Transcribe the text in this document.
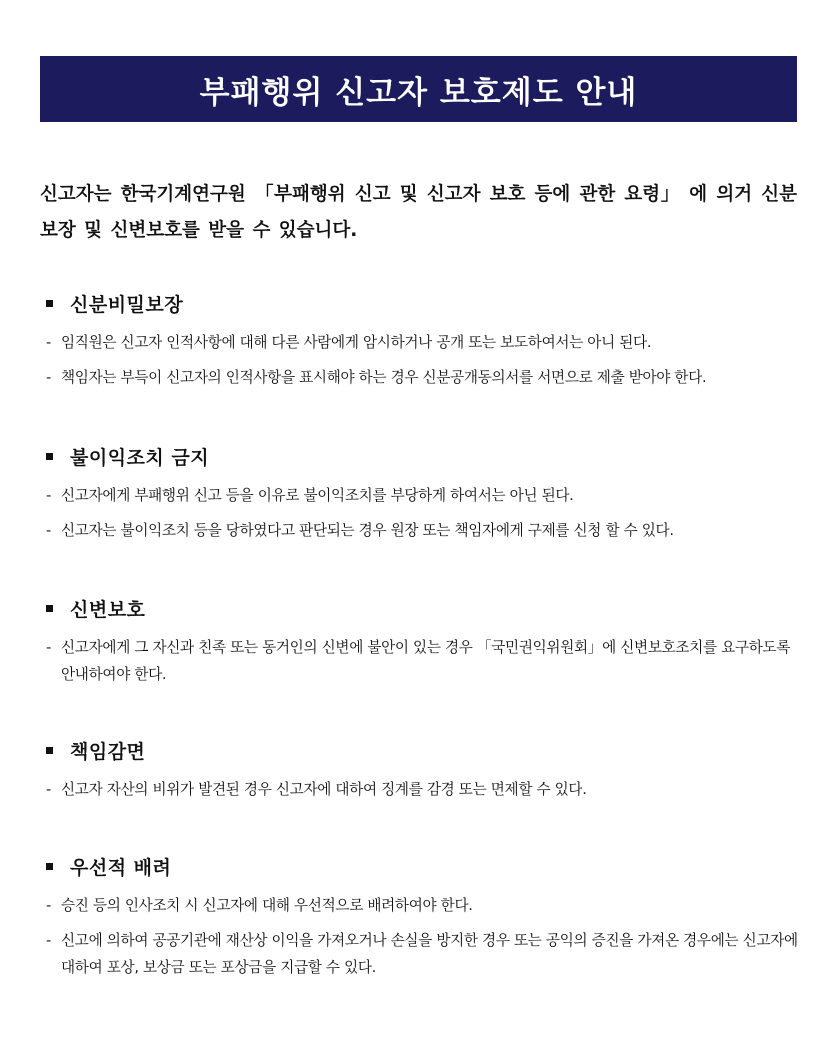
부패행위 신고자 보호제도 안내
신고자는 한국기계연구원 「부패행위 신고 및 신고자 보호 등에 관한 요령」 에 의거 신분보장 및 신변보호를 받을 수 있습니다.
신분비밀보장
- 임직원은 신고자 인적사항에 대해 다른 사람에게 암시하거나 공개 또는 보도하여서는 아니 된다.
- 책임자는 부득이 신고자의 인적사항을 표시해야 하는 경우 신분공개동의서를 서면으로 제출 받아야 한다.
불이익조치 금지
- 신고자에게 부패행위 신고 등을 이유로 불이익조치를 부당하게 하여서는 아닌 된다.
- 신고자는 불이익조치 등을 당하였다고 판단되는 경우 원장 또는 책임자에게 구제를 신청 할 수 있다.
신변보호
- 신고자에게 그 자신과 친족 또는 동거인의 신변에 불안이 있는 경우 「국민권익위원회」에 신변보호조치를 요구하도록 안내하여야 한다.
책임감면
- 신고자 자산의 비위가 발견된 경우 신고자에 대하여 징계를 감경 또는 면제할 수 있다.
우선적 배려
- 승진 등의 인사조치 시 신고자에 대해 우선적으로 배려하여야 한다.
- 신고에 의하여 공공기관에 재산상 이익을 가져오거나 손실을 방지한 경우 또는 공익의 증진을 가져온 경우에는 신고자에 대하여 포상, 보상금 또는 포상금을 지급할 수 있다.
